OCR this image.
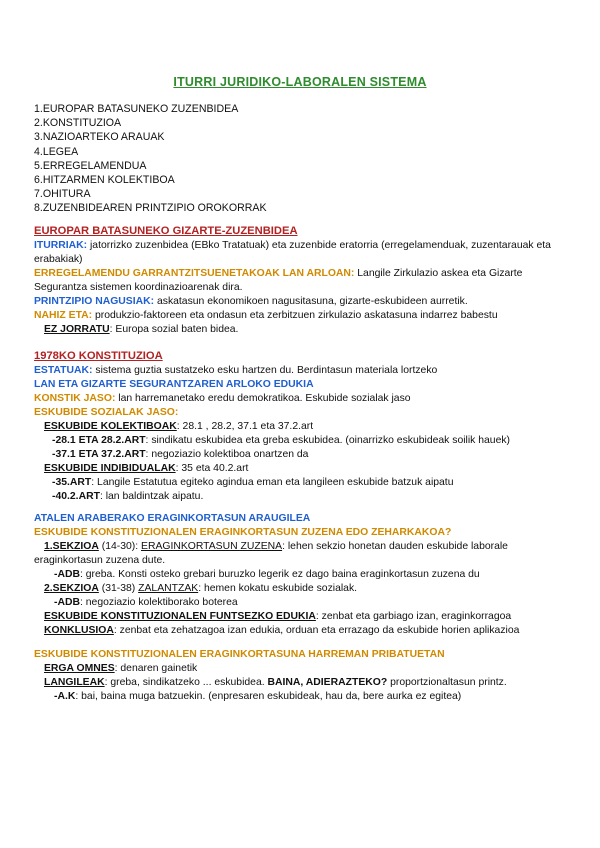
ITURRI JURIDIKO-LABORALEN SISTEMA
1.EUROPAR BATASUNEKO ZUZENBIDEA
2.KONSTITUZIOA
3.NAZIOARTEKO ARAUAK
4.LEGEA
5.ERREGELAMENDUA
6.HITZARMEN KOLEKTIBOA
7.OHITURA
8.ZUZENBIDEAREN PRINTZIPIO OROKORRAK
EUROPAR BATASUNEKO GIZARTE-ZUZENBIDEA
ITURRIAK: jatorrizko zuzenbidea (EBko Tratatuak) eta zuzenbide eratorria (erregelamenduak, zuzentarauak eta erabakiak)
ERREGELAMENDU GARRANTZITSUENETAKOAK LAN ARLOAN: Langile Zirkulazio askea eta Gizarte Segurantza sistemen koordinazioarenak dira.
PRINTZIPIO NAGUSIAK: askatasun ekonomikoen nagusitasuna, gizarte-eskubideen aurretik.
NAHIZ ETA: produkzio-faktoreen eta ondasun eta zerbitzuen zirkulazio askatasuna indarrez babestu
EZ JORRATU: Europa sozial baten bidea.
1978KO KONSTITUZIOA
ESTATUAK: sistema guztia sustatzeko esku hartzen du. Berdintasun materiala lortzeko
LAN ETA GIZARTE SEGURANTZAREN ARLOKO EDUKIA
KONSTIK JASO: lan harremanetako eredu demokratikoa. Eskubide sozialak jaso
ESKUBIDE SOZIALAK JASO:
ESKUBIDE KOLEKTIBOAK: 28.1 , 28.2, 37.1 eta 37.2.art
-28.1 ETA 28.2.ART: sindikatu eskubidea eta greba eskubidea. (oinarrizko eskubideak soilik hauek)
-37.1 ETA 37.2.ART: negoziazio kolektiboa onartzen da
ESKUBIDE INDIBIDUALAK: 35 eta 40.2.art
-35.ART: Langile Estatutua egiteko agindua eman eta langileen eskubide batzuk aipatu
-40.2.ART: lan baldintzak aipatu.
ATALEN ARABERAKO ERAGINKORTASUN ARAUGILEA
ESKUBIDE KONSTITUZIONALEN ERAGINKORTASUN ZUZENA EDO ZEHARKAKOA?
1.SEKZIOA (14-30): ERAGINKORTASUN ZUZENA: lehen sekzio honetan dauden eskubide laborale
eraginkortasun zuzena dute.
-ADB: greba. Konsti osteko grebari buruzko legerik ez dago baina eraginkortasun zuzena du
2.SEKZIOA (31-38) ZALANTZAK: hemen kokatu eskubide sozialak.
-ADB: negoziazio kolektiborako boterea
ESKUBIDE KONSTITUZIONALEN FUNTSEZKO EDUKIA: zenbat eta garbiago izan, eraginkorragoa
KONKLUSIOA: zenbat eta zehatzagoa izan edukia, orduan eta errazago da eskubide horien aplikazioa
ESKUBIDE KONSTITUZIONALEN ERAGINKORTASUNA HARREMAN PRIBATUETAN
ERGA OMNES: denaren gainetik
LANGILEAK: greba, sindikatzeko ... eskubidea. BAINA, ADIERAZTEKO? proportzionaltasun printz.
-A.K: bai, baina muga batzuekin. (enpresaren eskubideak, hau da, bere aurka ez egitea)
